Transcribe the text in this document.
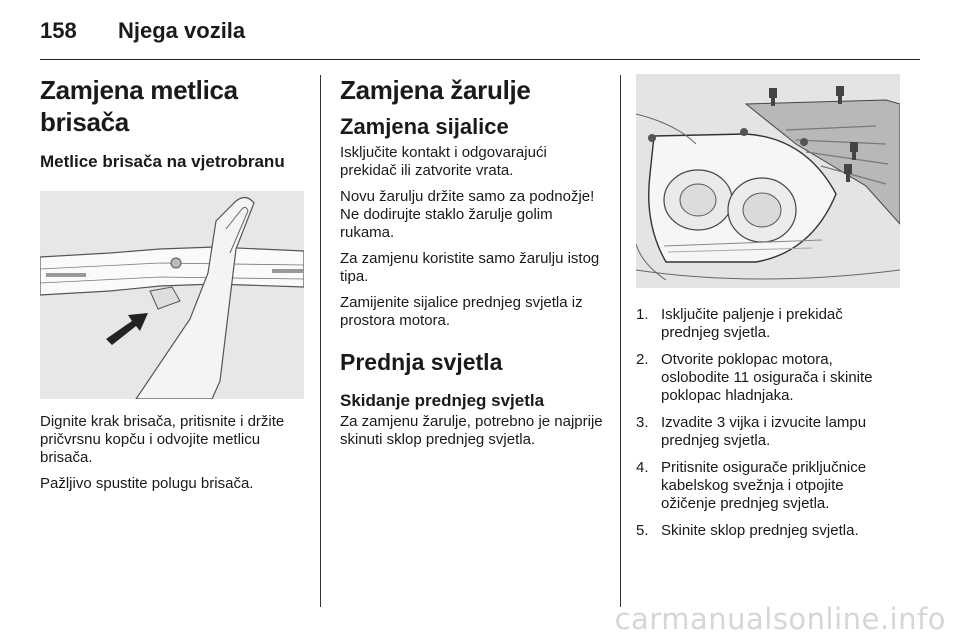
158	Njega vozila
Zamjena metlica brisača
Metlice brisača na vjetrobranu

Dignite krak brisača, pritisnite i držite pričvrsnu kopču i odvojite metlicu brisača.

Pažljivo spustite polugu brisača.

Zamjena žarulje
Zamjena sijalice

Isključite kontakt i odgovarajući prekidač ili zatvorite vrata.

Novu žarulju držite samo za podnožje! Ne dodirujte staklo žarulje golim rukama.

Za zamjenu koristite samo žarulju istog tipa.

Zamijenite sijalice prednjeg svjetla iz prostora motora.

Prednja svjetla
Skidanje prednjeg svjetla

Za zamjenu žarulje, potrebno je najprije skinuti sklop prednjeg svjetla.

1. Isključite paljenje i prekidač prednjeg svjetla.
2. Otvorite poklopac motora, oslobodite 11 osigurača i skinite poklopac hladnjaka.
3. Izvadite 3 vijka i izvucite lampu prednjeg svjetla.
4. Pritisnite osigurače priključnice kabelskog svežnja i otpojite ožičenje prednjeg svjetla.
5. Skinite sklop prednjeg svjetla.
carmanualsonline.info
